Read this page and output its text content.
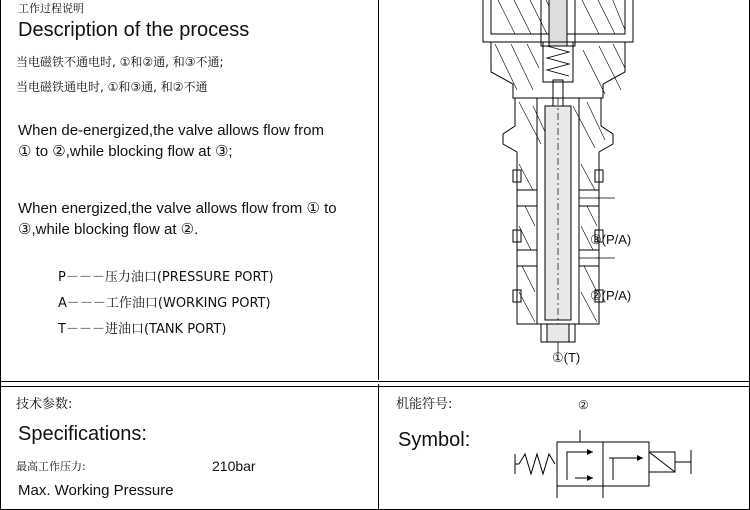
工作过程说明
Description of the process
当电磁铁不通电时, ①和②通, 和③不通;
当电磁铁通电时, ①和③通, 和②不通
When de-energized,the valve allows flow from ① to ②,while blocking flow at ③;
When energized,the valve allows flow from ① to ③,while blocking flow at ②.
P－－－压力油口(PRESSURE PORT)
A－－－工作油口(WORKING PORT)
T－－－进油口(TANK PORT)
技术参数:
Specifications:
最高工作压力:	210bar
Max. Working Pressure
机能符号:
Symbol:
③(P/A)
②(P/A)
①(T)
②
